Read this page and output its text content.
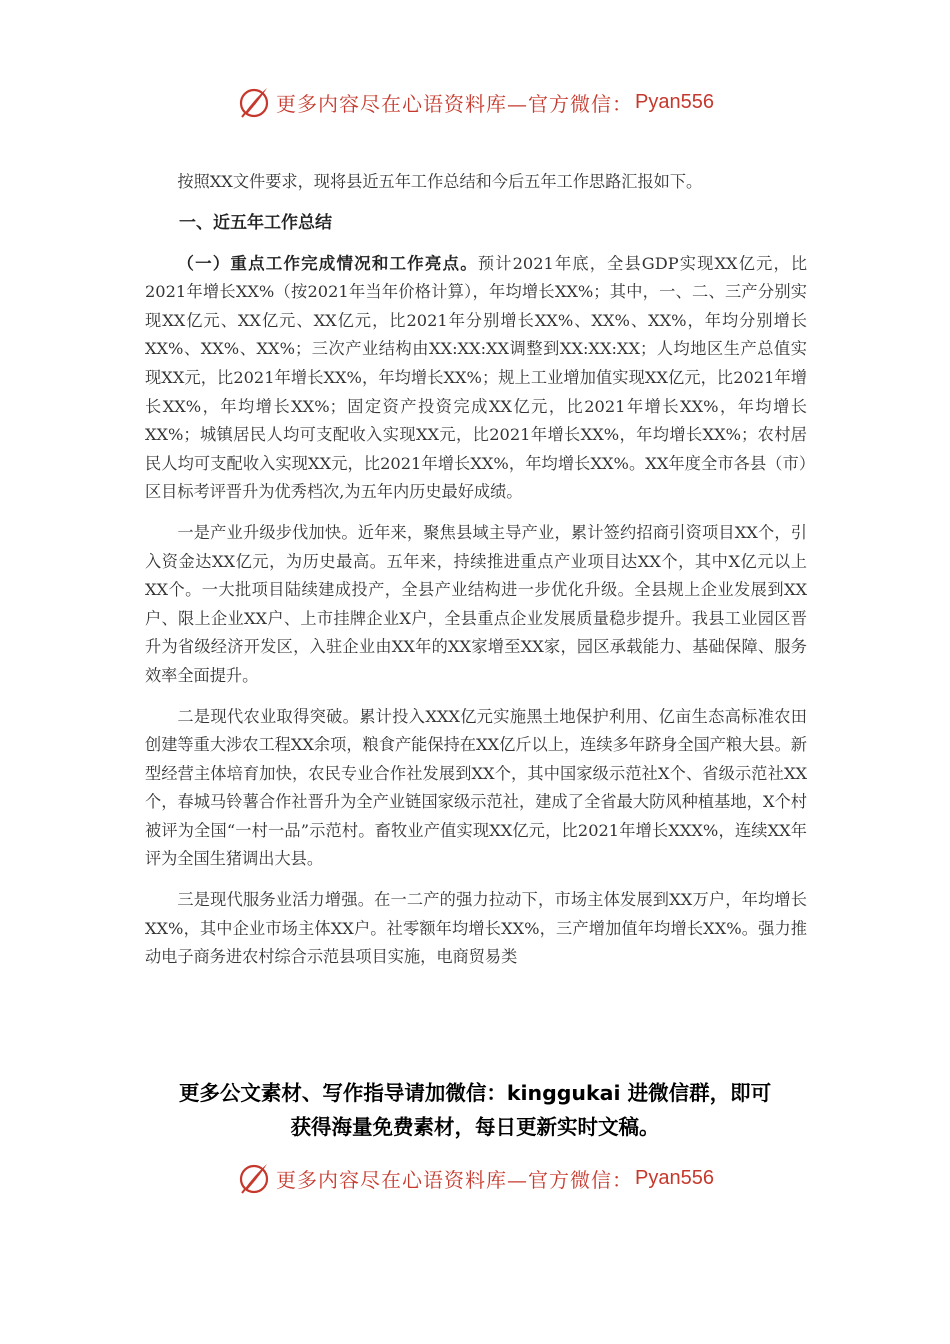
更多内容尽在心语资料库—官方微信： Pyan556

按照XX文件要求，现将县近五年工作总结和今后五年工作思路汇报如下。

一、近五年工作总结

（一）重点工作完成情况和工作亮点。预计2021年底，全县GDP实现XX亿元，比2021年增长XX%（按2021年当年价格计算），年均增长XX%；其中，一、二、三产分别实现XX亿元、XX亿元、XX亿元，比2021年分别增长XX%、XX%、XX%，年均分别增长XX%、XX%、XX%；三次产业结构由XX:XX:XX调整到XX:XX:XX；人均地区生产总值实现XX元，比2021年增长XX%，年均增长XX%；规上工业增加值实现XX亿元，比2021年增长XX%，年均增长XX%；固定资产投资完成XX亿元，比2021年增长XX%，年均增长XX%；城镇居民人均可支配收入实现XX元，比2021年增长XX%，年均增长XX%；农村居民人均可支配收入实现XX元，比2021年增长XX%，年均增长XX%。XX年度全市各县（市）区目标考评晋升为优秀档次,为五年内历史最好成绩。

一是产业升级步伐加快。近年来，聚焦县域主导产业，累计签约招商引资项目XX个，引入资金达XX亿元，为历史最高。五年来，持续推进重点产业项目达XX个，其中X亿元以上XX个。一大批项目陆续建成投产，全县产业结构进一步优化升级。全县规上企业发展到XX户、限上企业XX户、上市挂牌企业X户，全县重点企业发展质量稳步提升。我县工业园区晋升为省级经济开发区，入驻企业由XX年的XX家增至XX家，园区承载能力、基础保障、服务效率全面提升。

二是现代农业取得突破。累计投入XXX亿元实施黑土地保护利用、亿亩生态高标准农田创建等重大涉农工程XX余项，粮食产能保持在XX亿斤以上，连续多年跻身全国产粮大县。新型经营主体培育加快，农民专业合作社发展到XX个，其中国家级示范社X个、省级示范社XX个，春城马铃薯合作社晋升为全产业链国家级示范社，建成了全省最大防风种植基地，X个村被评为全国“一村一品”示范村。畜牧业产值实现XX亿元，比2021年增长XXX%，连续XX年评为全国生猪调出大县。

三是现代服务业活力增强。在一二产的强力拉动下，市场主体发展到XX万户，年均增长XX%，其中企业市场主体XX户。社零额年均增长XX%，三产增加值年均增长XX%。强力推动电子商务进农村综合示范县项目实施，电商贸易类

更多公文素材、写作指导请加微信：kinggukai 进微信群，即可
获得海量免费素材，每日更新实时文稿。
更多内容尽在心语资料库—官方微信： Pyan556
